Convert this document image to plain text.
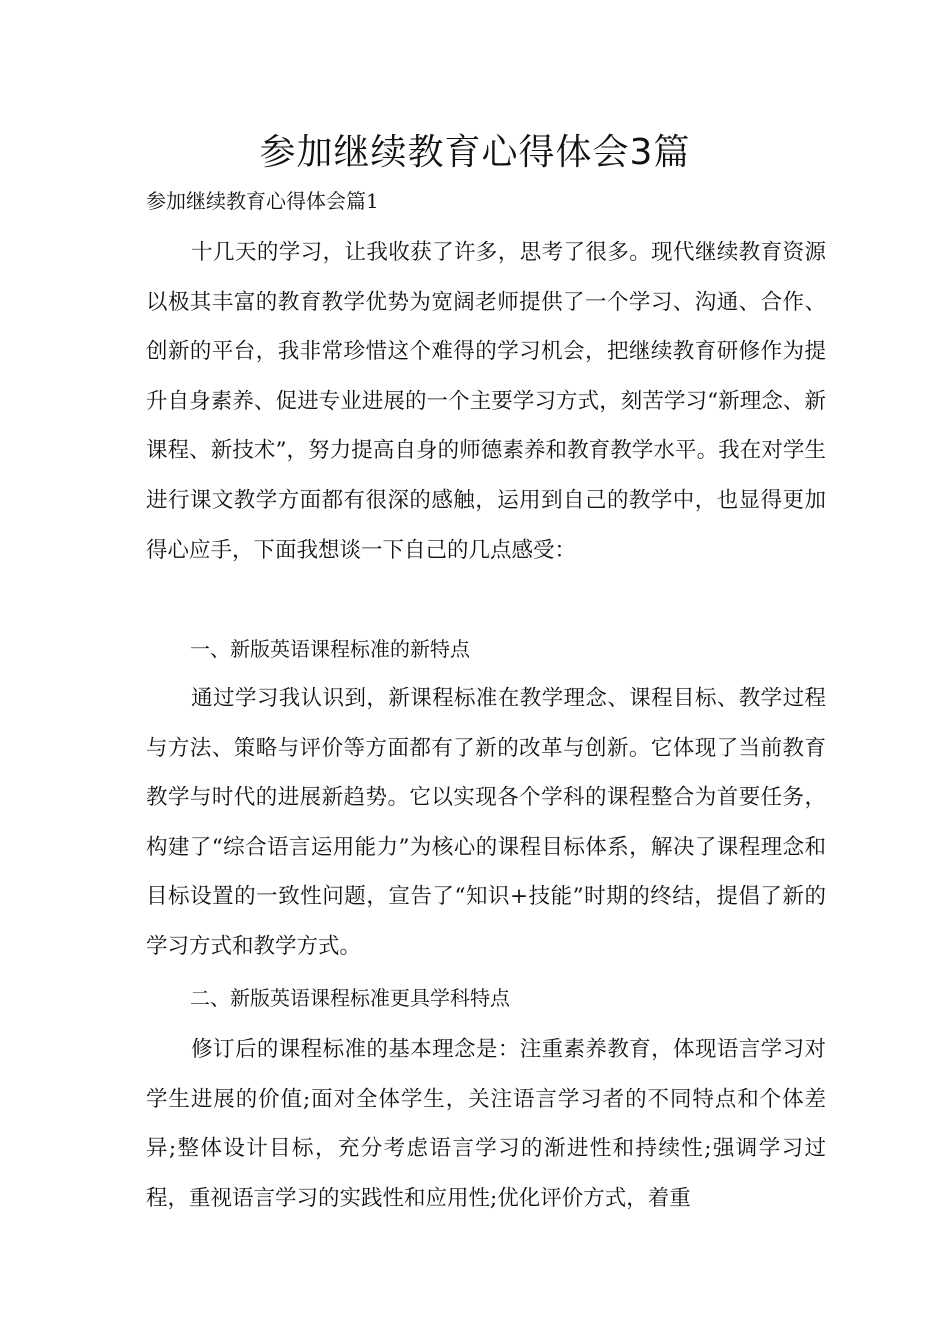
参加继续教育心得体会3篇

参加继续教育心得体会篇1

十几天的学习，让我收获了许多，思考了很多。现代继续教育资源以极其丰富的教育教学优势为宽阔老师提供了一个学习、沟通、合作、创新的平台，我非常珍惜这个难得的学习机会，把继续教育研修作为提升自身素养、促进专业进展的一个主要学习方式，刻苦学习“新理念、新课程、新技术”，努力提高自身的师德素养和教育教学水平。我在对学生进行课文教学方面都有很深的感触，运用到自己的教学中，也显得更加得心应手，下面我想谈一下自己的几点感受：

一、新版英语课程标准的新特点

通过学习我认识到，新课程标准在教学理念、课程目标、教学过程与方法、策略与评价等方面都有了新的改革与创新。它体现了当前教育教学与时代的进展新趋势。它以实现各个学科的课程整合为首要任务，构建了“综合语言运用能力”为核心的课程目标体系，解决了课程理念和目标设置的一致性问题，宣告了“知识+技能”时期的终结，提倡了新的学习方式和教学方式。

二、新版英语课程标准更具学科特点

修订后的课程标准的基本理念是：注重素养教育，体现语言学习对学生进展的价值;面对全体学生，关注语言学习者的不同特点和个体差异;整体设计目标，充分考虑语言学习的渐进性和持续性;强调学习过程，重视语言学习的实践性和应用性;优化评价方式，着重
